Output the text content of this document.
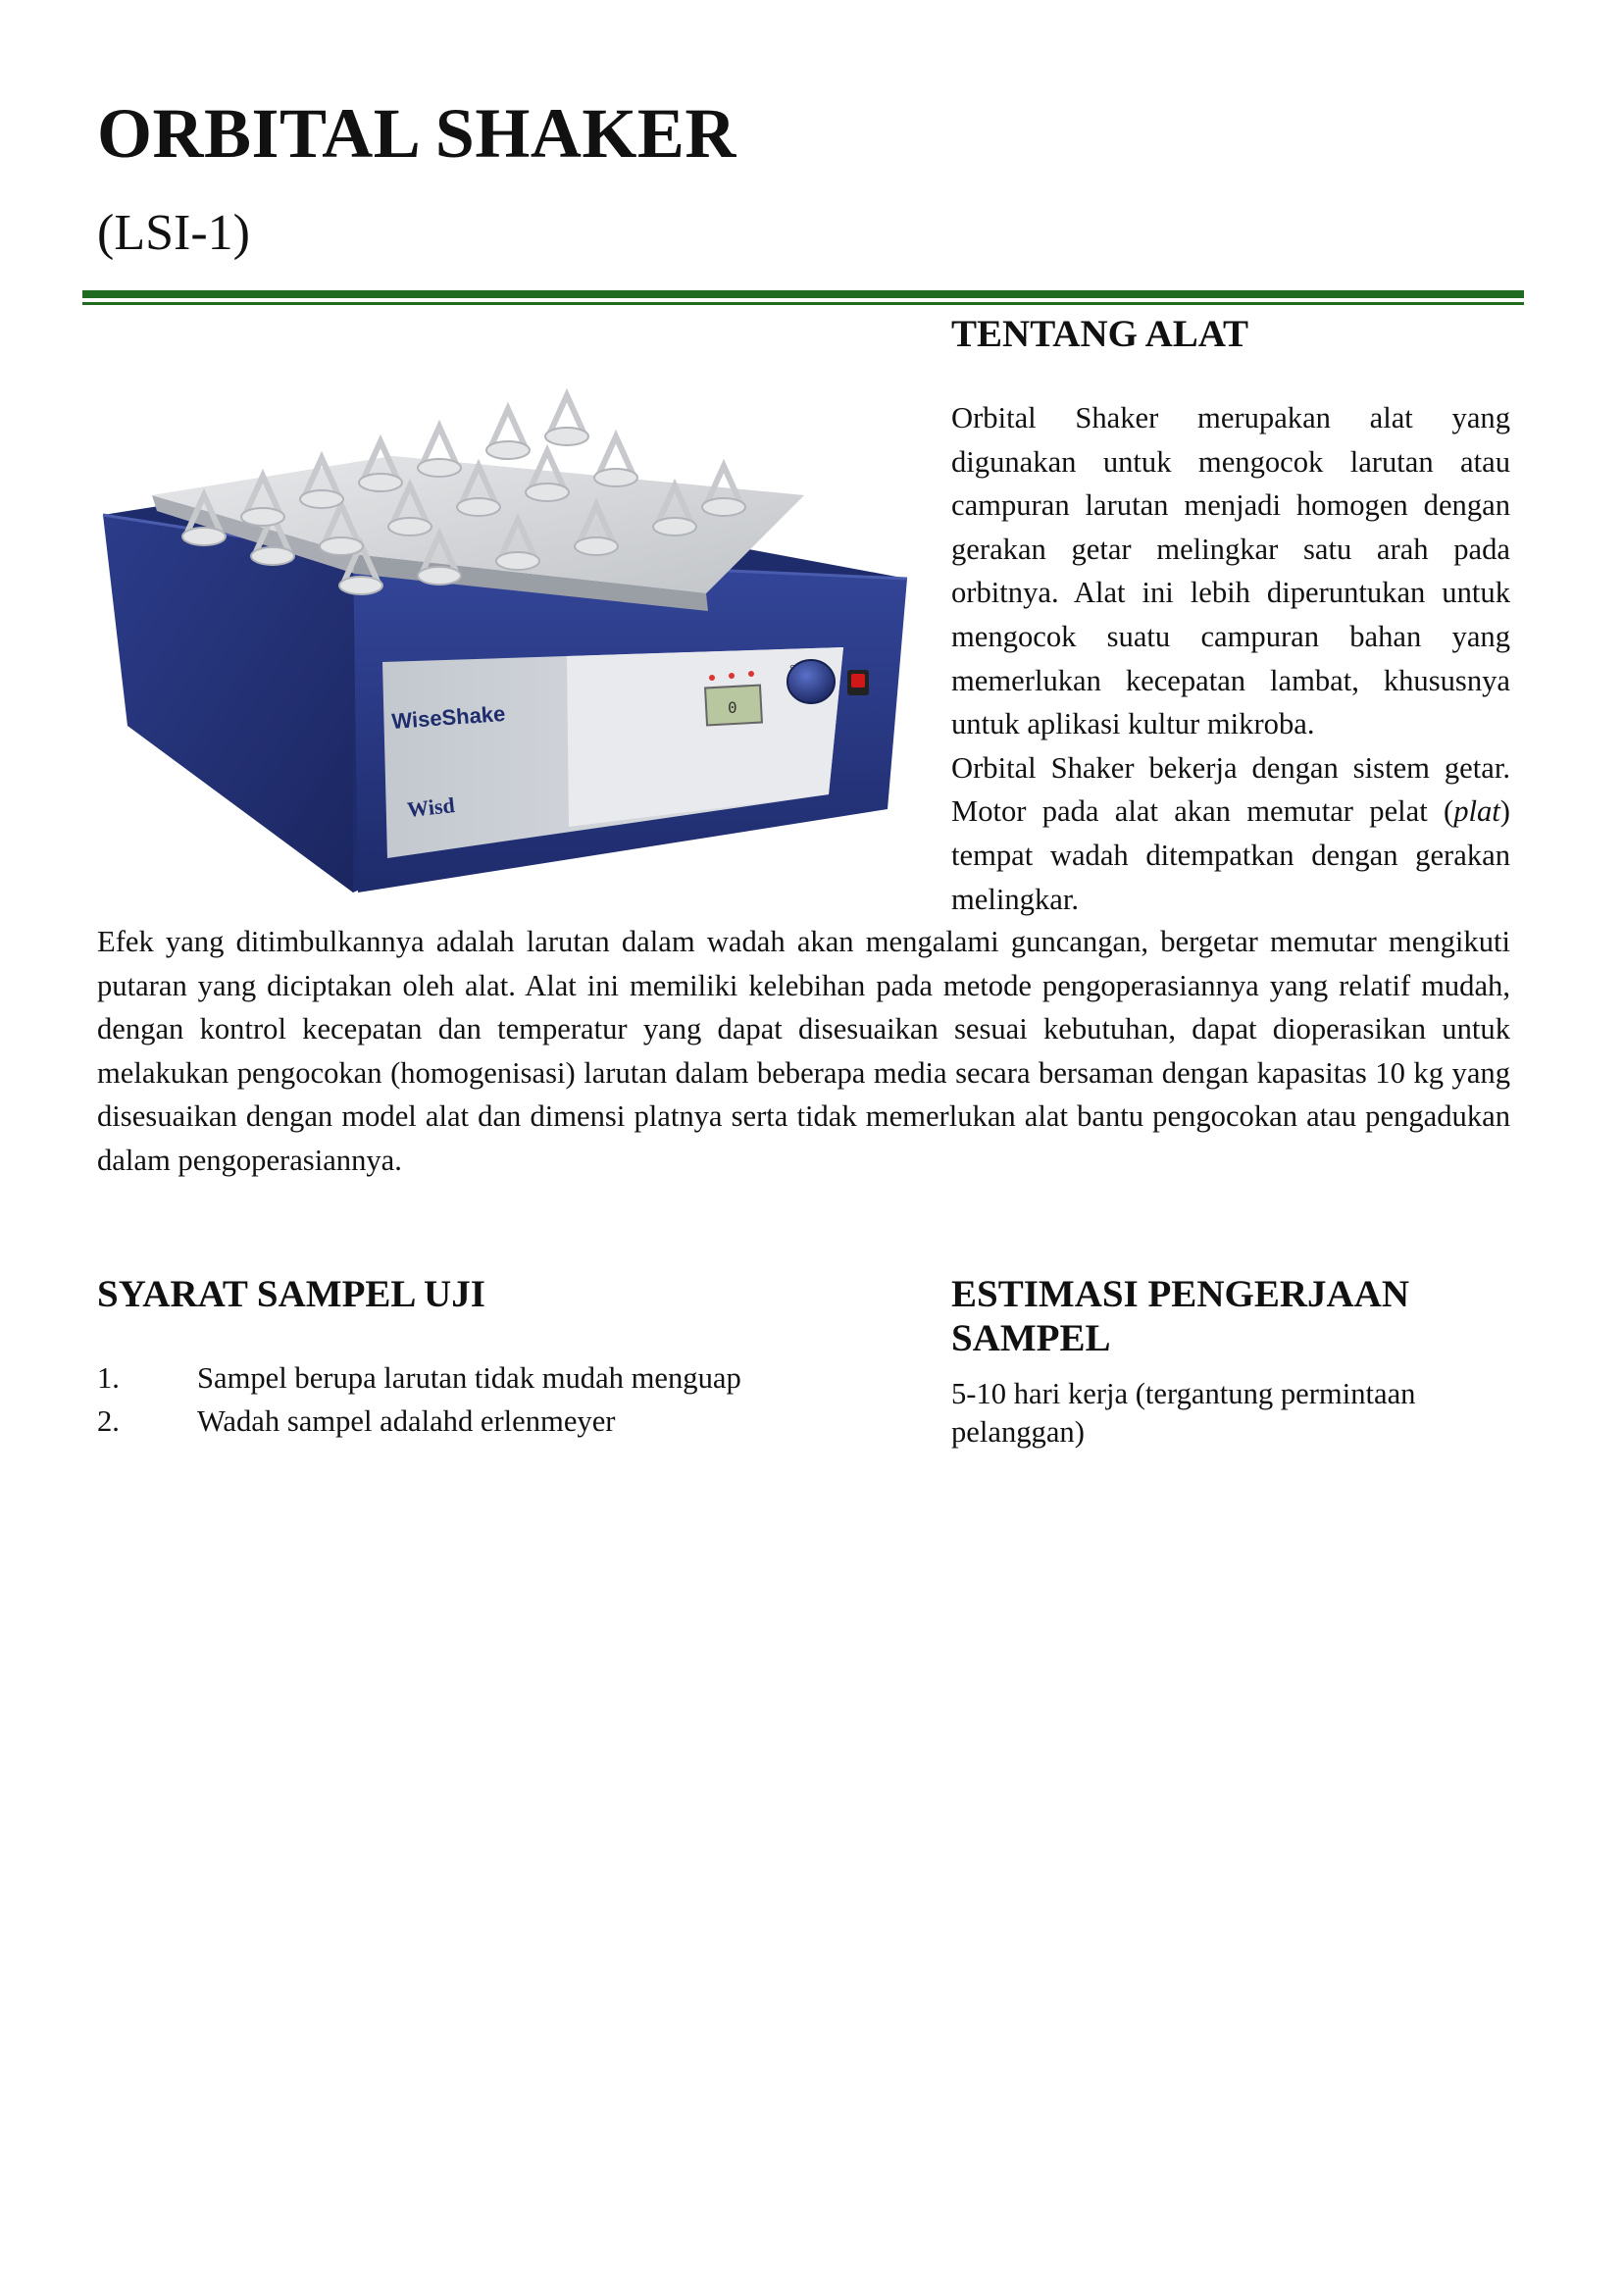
ORBITAL SHAKER
(LSI-1)
WiseShake
Wisd
0
TENTANG ALAT

Orbital Shaker merupakan alat yang digunakan untuk mengocok larutan atau campuran larutan menjadi homogen dengan gerakan getar melingkar satu arah pada orbitnya. Alat ini lebih diperuntukan untuk mengocok suatu campuran bahan yang memerlukan kecepatan lambat, khususnya untuk aplikasi kultur mikroba.

Orbital Shaker bekerja dengan sistem getar. Motor pada alat akan memutar pelat (plat) tempat wadah ditempatkan dengan gerakan melingkar.

Efek yang ditimbulkannya adalah larutan dalam wadah akan mengalami guncangan, bergetar memutar mengikuti putaran yang diciptakan oleh alat. Alat ini memiliki kelebihan pada metode pengoperasiannya yang relatif mudah, dengan kontrol kecepatan dan temperatur yang dapat disesuaikan sesuai kebutuhan, dapat dioperasikan untuk melakukan pengocokan (homogenisasi) larutan dalam beberapa media secara bersaman dengan kapasitas 10 kg yang disesuaikan dengan model alat dan dimensi platnya serta tidak memerlukan alat bantu pengocokan atau pengadukan dalam pengoperasiannya.

SYARAT SAMPEL UJI
1.	Sampel berupa larutan tidak mudah menguap
2.	Wadah sampel adalahd erlenmeyer
ESTIMASI PENGERJAAN SAMPEL
5-10 hari kerja (tergantung permintaan pelanggan)
